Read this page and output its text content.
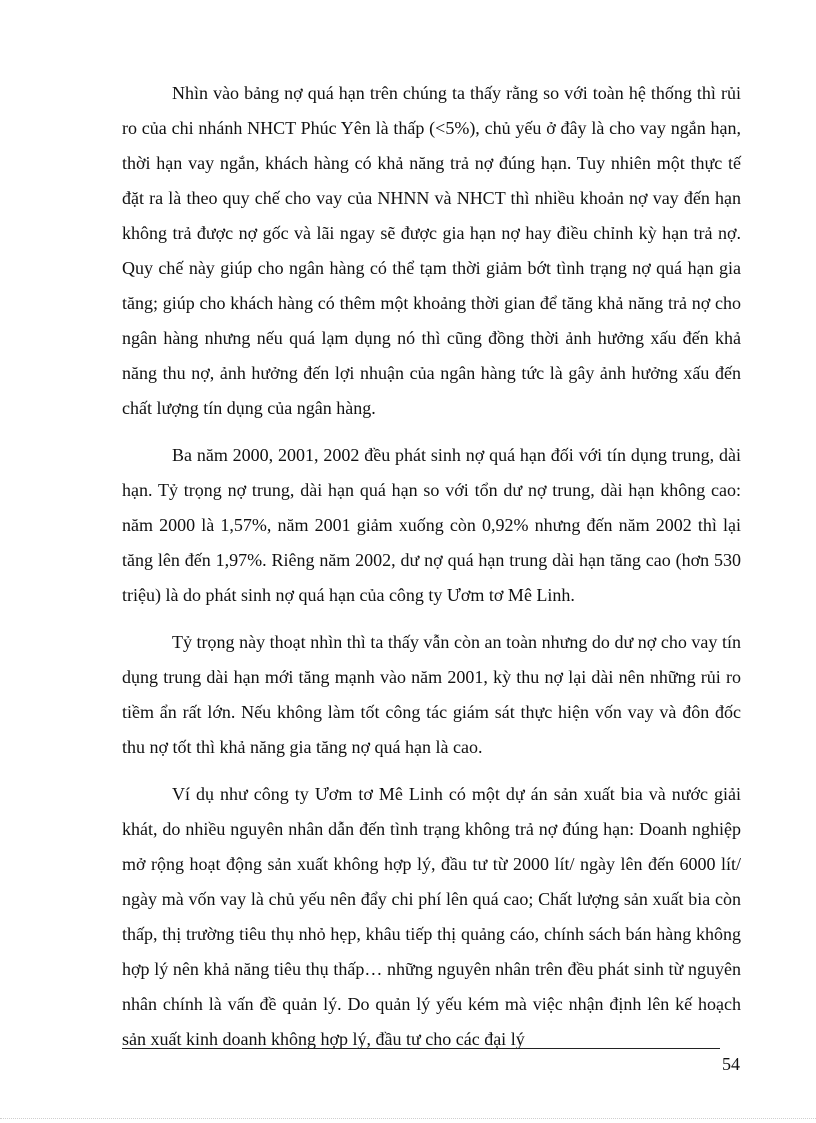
Nhìn vào bảng nợ quá hạn trên chúng ta thấy rằng so với toàn hệ thống thì rủi ro của chi nhánh NHCT Phúc Yên là thấp (<5%), chủ yếu ở đây là cho vay ngắn hạn, thời hạn vay ngắn, khách hàng có khả năng trả nợ đúng hạn. Tuy nhiên một thực tế đặt ra là theo quy chế cho vay của NHNN và NHCT thì nhiều khoản nợ vay đến hạn không trả được nợ gốc và lãi ngay sẽ được gia hạn nợ hay điều chỉnh kỳ hạn trả nợ. Quy chế này giúp cho ngân hàng có thể tạm thời giảm bớt tình trạng nợ quá hạn gia tăng; giúp cho khách hàng có thêm một khoảng thời gian để tăng khả năng trả nợ cho ngân hàng nhưng nếu quá lạm dụng nó thì cũng đồng thời ảnh hưởng xấu đến khả năng thu nợ, ảnh hưởng đến lợi nhuận của ngân hàng tức là gây ảnh hưởng xấu đến chất lượng tín dụng của ngân hàng.

Ba năm 2000, 2001, 2002 đều phát sinh nợ quá hạn đối với tín dụng trung, dài hạn. Tỷ trọng nợ trung, dài hạn quá hạn so với tổn dư nợ trung, dài hạn không cao: năm 2000 là 1,57%, năm 2001 giảm xuống còn 0,92% nhưng đến năm 2002 thì lại tăng lên đến 1,97%. Riêng năm 2002, dư nợ quá hạn trung dài hạn tăng cao (hơn 530 triệu) là do phát sinh nợ quá hạn của công ty Ươm tơ Mê Linh.

Tỷ trọng này thoạt nhìn thì ta thấy vẫn còn an toàn nhưng do dư nợ cho vay tín dụng trung dài hạn mới tăng mạnh vào năm 2001, kỳ thu nợ lại dài nên những rủi ro tiềm ẩn rất lớn. Nếu không làm tốt công tác giám sát thực hiện vốn vay và đôn đốc thu nợ tốt thì khả năng gia tăng nợ quá hạn là cao.

Ví dụ như công ty Ươm tơ Mê Linh có một dự án sản xuất bia và nước giải khát, do nhiều nguyên nhân dẫn đến tình trạng không trả nợ đúng hạn: Doanh nghiệp mở rộng hoạt động sản xuất không hợp lý, đầu tư từ 2000 lít/ ngày lên đến 6000 lít/ ngày mà vốn vay là chủ yếu nên đẩy chi phí lên quá cao; Chất lượng sản xuất bia còn thấp, thị trường tiêu thụ nhỏ hẹp, khâu tiếp thị quảng cáo, chính sách bán hàng không hợp lý nên khả năng tiêu thụ thấp… những nguyên nhân trên đều phát sinh từ nguyên nhân chính là vấn đề quản lý. Do quản lý yếu kém mà việc nhận định lên kế hoạch sản xuất kinh doanh không hợp lý, đầu tư cho các đại lý

54
